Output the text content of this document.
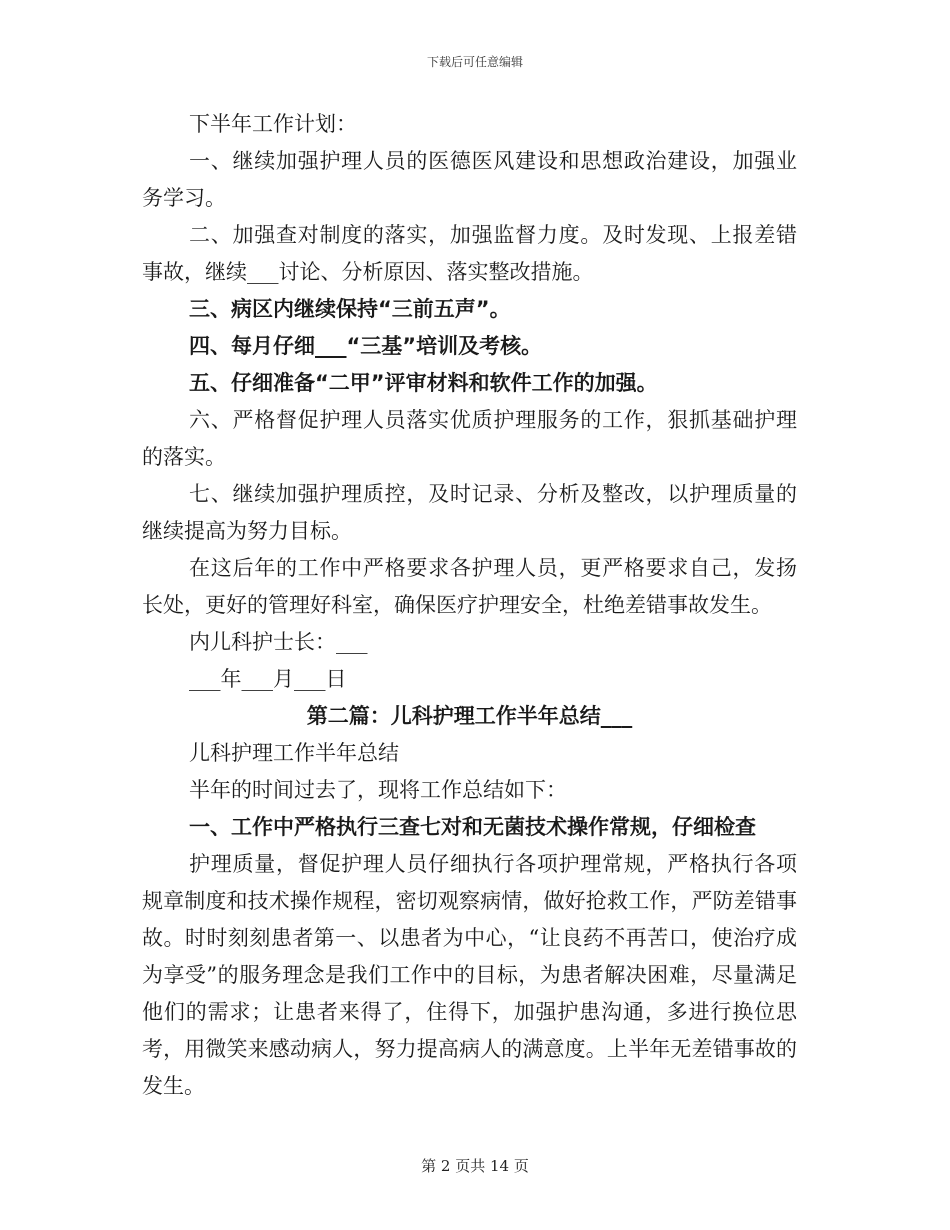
下载后可任意编辑

下半年工作计划：

一、继续加强护理人员的医德医风建设和思想政治建设，加强业务学习。

二、加强查对制度的落实，加强监督力度。及时发现、上报差错事故，继续___讨论、分析原因、落实整改措施。

三、病区内继续保持“三前五声”。

四、每月仔细___“三基”培训及考核。

五、仔细准备“二甲”评审材料和软件工作的加强。

六、严格督促护理人员落实优质护理服务的工作，狠抓基础护理的落实。

七、继续加强护理质控，及时记录、分析及整改，以护理质量的继续提高为努力目标。

在这后年的工作中严格要求各护理人员，更严格要求自己，发扬长处，更好的管理好科室，确保医疗护理安全，杜绝差错事故发生。

内儿科护士长：___

___年___月___日

第二篇：儿科护理工作半年总结___

儿科护理工作半年总结

半年的时间过去了，现将工作总结如下：

一、工作中严格执行三查七对和无菌技术操作常规，仔细检查

护理质量，督促护理人员仔细执行各项护理常规，严格执行各项规章制度和技术操作规程，密切观察病情，做好抢救工作，严防差错事故。时时刻刻患者第一、以患者为中心，“让良药不再苦口，使治疗成为享受”的服务理念是我们工作中的目标，为患者解决困难，尽量满足他们的需求；让患者来得了，住得下，加强护患沟通，多进行换位思考，用微笑来感动病人，努力提高病人的满意度。上半年无差错事故的发生。

第 2 页共 14 页
